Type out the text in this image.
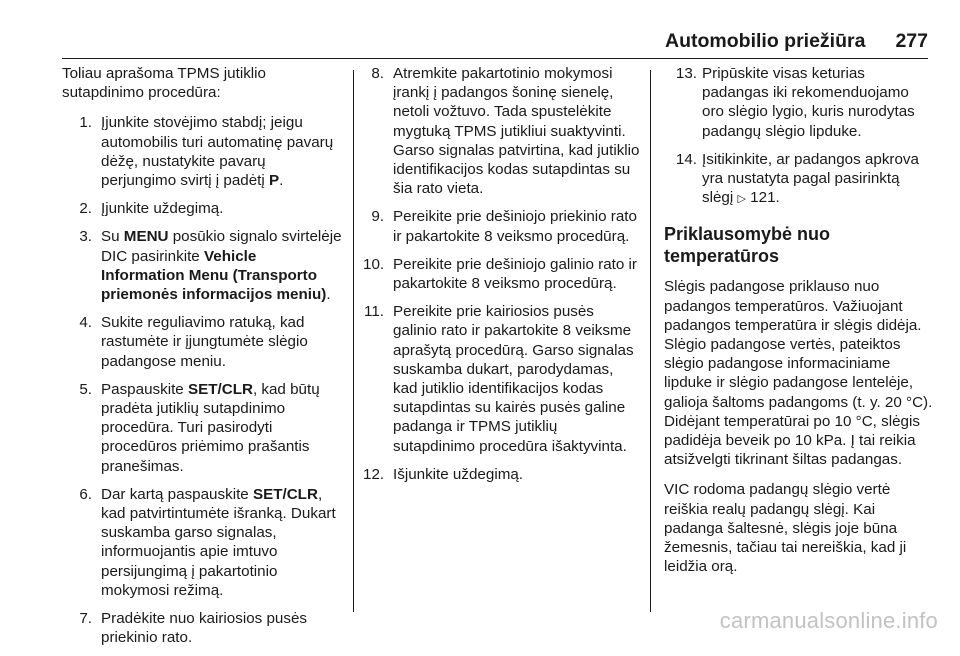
Automobilio priežiūra 277

Toliau aprašoma TPMS jutiklio sutapdinimo procedūra:

1. Įjunkite stovėjimo stabdį; jeigu automobilis turi automatinę pavarų dėžę, nustatykite pavarų perjungimo svirtį į padėtį P.
2. Įjunkite uždegimą.
3. Su MENU posūkio signalo svirtelėje DIC pasirinkite Vehicle Information Menu (Transporto priemonės informacijos meniu).
4. Sukite reguliavimo ratuką, kad rastumėte ir įjungtumėte slėgio padangose meniu.
5. Paspauskite SET/CLR, kad būtų pradėta jutiklių sutapdinimo procedūra. Turi pasirodyti procedūros priėmimo prašantis pranešimas.
6. Dar kartą paspauskite SET/CLR, kad patvirtintumėte išranką. Dukart suskamba garso signalas, informuojantis apie imtuvo persijungimą į pakartotinio mokymosi režimą.
7. Pradėkite nuo kairiosios pusės priekinio rato.
8. Atremkite pakartotinio mokymosi įrankį į padangos šoninę sienelę, netoli vožtuvo. Tada spustelėkite mygtuką TPMS jutikliui suaktyvinti. Garso signalas patvirtina, kad jutiklio identifikacijos kodas sutapdintas su šia rato vieta.
9. Pereikite prie dešiniojo priekinio rato ir pakartokite 8 veiksmo procedūrą.
10. Pereikite prie dešiniojo galinio rato ir pakartokite 8 veiksmo procedūrą.
11. Pereikite prie kairiosios pusės galinio rato ir pakartokite 8 veiksme aprašytą procedūrą. Garso signalas suskamba dukart, parodydamas, kad jutiklio identifikacijos kodas sutapdintas su kairės pusės galine padanga ir TPMS jutiklių sutapdinimo procedūra išaktyvinta.
12. Išjunkite uždegimą.
13. Pripūskite visas keturias padangas iki rekomenduojamo oro slėgio lygio, kuris nurodytas padangų slėgio lipduke.
14. Įsitikinkite, ar padangos apkrova yra nustatyta pagal pasirinktą slėgį ▷ 121.
Priklausomybė nuo temperatūros

Slėgis padangose priklauso nuo padangos temperatūros. Važiuojant padangos temperatūra ir slėgis didėja. Slėgio padangose vertės, pateiktos slėgio padangose informaciniame lipduke ir slėgio padangose lentelėje, galioja šaltoms padangoms (t. y. 20 °C). Didėjant temperatūrai po 10 °C, slėgis padidėja beveik po 10 kPa. Į tai reikia atsižvelgti tikrinant šiltas padangas.

VIC rodoma padangų slėgio vertė reiškia realų padangų slėgį. Kai padanga šaltesnė, slėgis joje būna žemesnis, tačiau tai nereiškia, kad ji leidžia orą.

carmanualsonline.info
